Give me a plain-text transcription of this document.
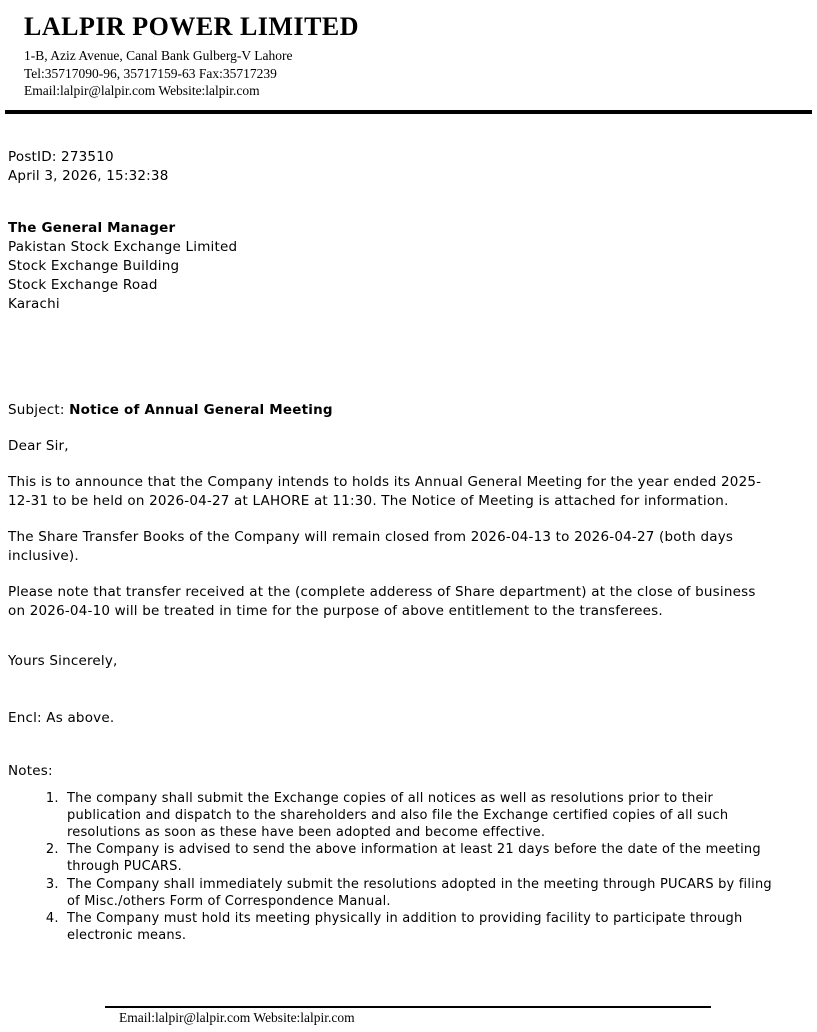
LALPIR POWER LIMITED
1-B, Aziz Avenue, Canal Bank Gulberg-V Lahore
Tel:35717090-96, 35717159-63 Fax:35717239
Email:lalpir@lalpir.com Website:lalpir.com
PostID: 273510
April 3, 2026, 15:32:38
The General Manager
Pakistan Stock Exchange Limited
Stock Exchange Building
Stock Exchange Road
Karachi
Subject: Notice of Annual General Meeting
Dear Sir,
This is to announce that the Company intends to holds its Annual General Meeting for the year ended 2025-12-31 to be held on 2026-04-27 at LAHORE at 11:30. The Notice of Meeting is attached for information.
The Share Transfer Books of the Company will remain closed from 2026-04-13 to 2026-04-27 (both days inclusive).
Please note that transfer received at the (complete adderess of Share department) at the close of business on 2026-04-10 will be treated in time for the purpose of above entitlement to the transferees.
Yours Sincerely,
Encl: As above.
Notes:
1. The company shall submit the Exchange copies of all notices as well as resolutions prior to their publication and dispatch to the shareholders and also file the Exchange certified copies of all such resolutions as soon as these have been adopted and become effective.
2. The Company is advised to send the above information at least 21 days before the date of the meeting through PUCARS.
3. The Company shall immediately submit the resolutions adopted in the meeting through PUCARS by filing of Misc./others Form of Correspondence Manual.
4. The Company must hold its meeting physically in addition to providing facility to participate through electronic means.
Email:lalpir@lalpir.com Website:lalpir.com
